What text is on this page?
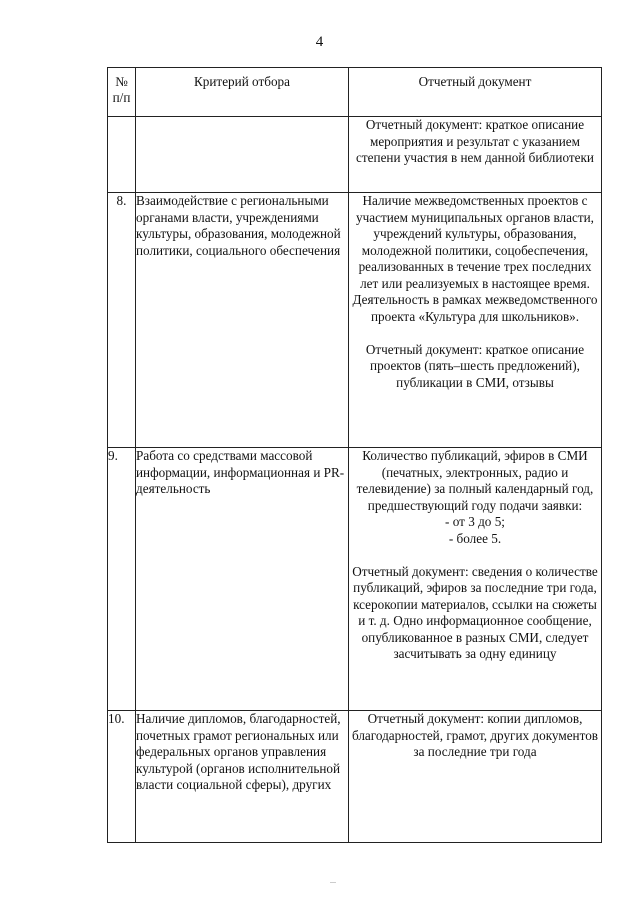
4
№
п/п	Критерий отбора	Отчетный документ
		Отчетный документ: краткое описание мероприятия и результат с указанием степени участия в нем данной библиотеки
8.	Взаимодействие с региональными органами власти, учреждениями культуры, образования, молодежной политики, социального обеспечения	Наличие межведомственных проектов с участием муниципальных органов власти, учреждений культуры, образования, молодежной политики, соцобеспечения, реализованных в течение трех последних лет или реализуемых в настоящее время. Деятельность в рамках межведомственного проекта «Культура для школьников».
Отчетный документ: краткое описание проектов (пять–шесть предложений), публикации в СМИ, отзывы

9.	Работа со средствами массовой информации, информационная и PR-деятельность	Количество публикаций, эфиров в СМИ (печатных, электронных, радио и телевидение) за полный календарный год, предшествующий году подачи заявки:
- от 3 до 5;
- более 5.
Отчетный документ: сведения о количестве публикаций, эфиров за последние три года, ксерокопии материалов, ссылки на сюжеты и т. д. Одно информационное сообщение, опубликованное в разных СМИ, следует засчитывать за одну единицу

10.	Наличие дипломов, благодарностей, почетных грамот региональных или федеральных органов управления культурой (органов исполнительной власти социальной сферы), других	Отчетный документ: копии дипломов, благодарностей, грамот, других документов за последние три года
